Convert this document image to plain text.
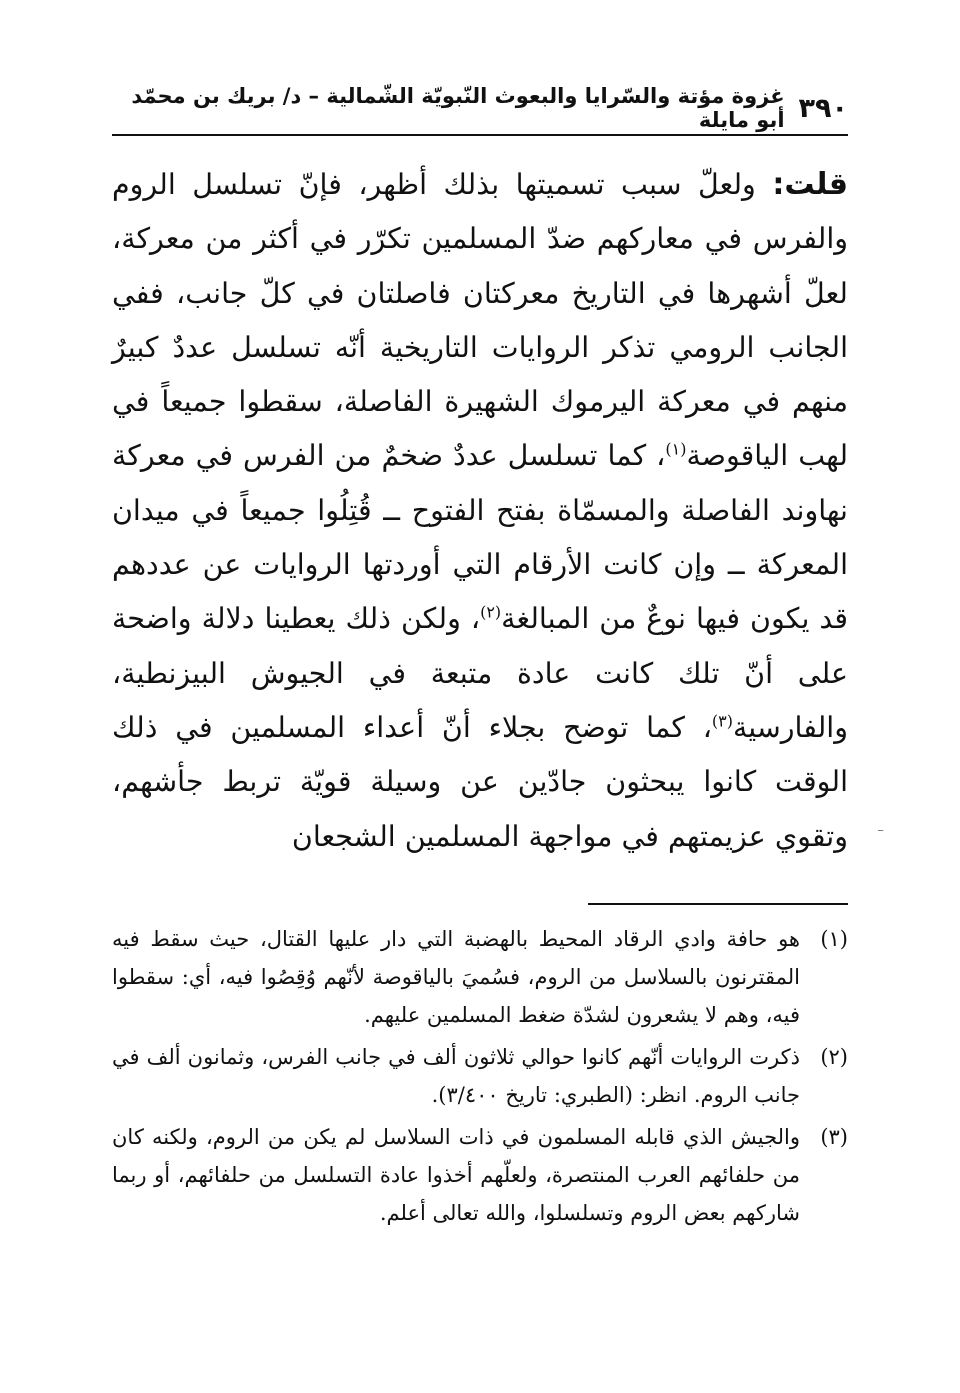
٣٩٠
غزوة مؤتة والسّرايا والبعوث النّبويّة الشّمالية – د/ بريك بن محمّد أبو مايلة

قلت: ولعلّ سبب تسميتها بذلك أظهر، فإنّ تسلسل الروم والفرس في معاركهم ضدّ المسلمين تكرّر في أكثر من معركة، لعلّ أشهرها في التاريخ معركتان فاصلتان في كلّ جانب، ففي الجانب الرومي تذكر الروايات التاريخية أنّه تسلسل عددٌ كبيرٌ منهم في معركة اليرموك الشهيرة الفاصلة، سقطوا جميعاً في لهب الياقوصة$^{(١)}$، كما تسلسل عددٌ ضخمٌ من الفرس في معركة نهاوند الفاصلة والمسمّاة بفتح الفتوح ــ قُتِلُوا جميعاً في ميدان المعركة ــ وإن كانت الأرقام التي أوردتها الروايات عن عددهم قد يكون فيها نوعٌ من المبالغة$^{(٢)}$، ولكن ذلك يعطينا دلالة واضحة على أنّ تلك كانت عادة متبعة في الجيوش البيزنطية، والفارسية$^{(٣)}$، كما توضح بجلاء أنّ أعداء المسلمين في ذلك الوقت كانوا يبحثون جادّين عن وسيلة قويّة تربط جأشهم، وتقوي عزيمتهم في مواجهة المسلمين الشجعان	ــ
(١)
هو حافة وادي الرقاد المحيط بالهضبة التي دار عليها القتال، حيث سقط فيه المقترنون بالسلاسل من الروم، فسُميَ بالياقوصة لأنّهم وُقِصُوا فيه، أي: سقطوا فيه، وهم لا يشعرون لشدّة ضغط المسلمين عليهم.
(٢)
ذكرت الروايات أنّهم كانوا حوالي ثلاثون ألف في جانب الفرس، وثمانون ألف في جانب الروم. انظر: (الطبري: تاريخ ٣/٤٠٠).
(٣)
والجيش الذي قابله المسلمون في ذات السلاسل لم يكن من الروم، ولكنه كان من حلفائهم العرب المنتصرة، ولعلّهم أخذوا عادة التسلسل من حلفائهم، أو ربما شاركهم بعض الروم وتسلسلوا، والله تعالى أعلم.
